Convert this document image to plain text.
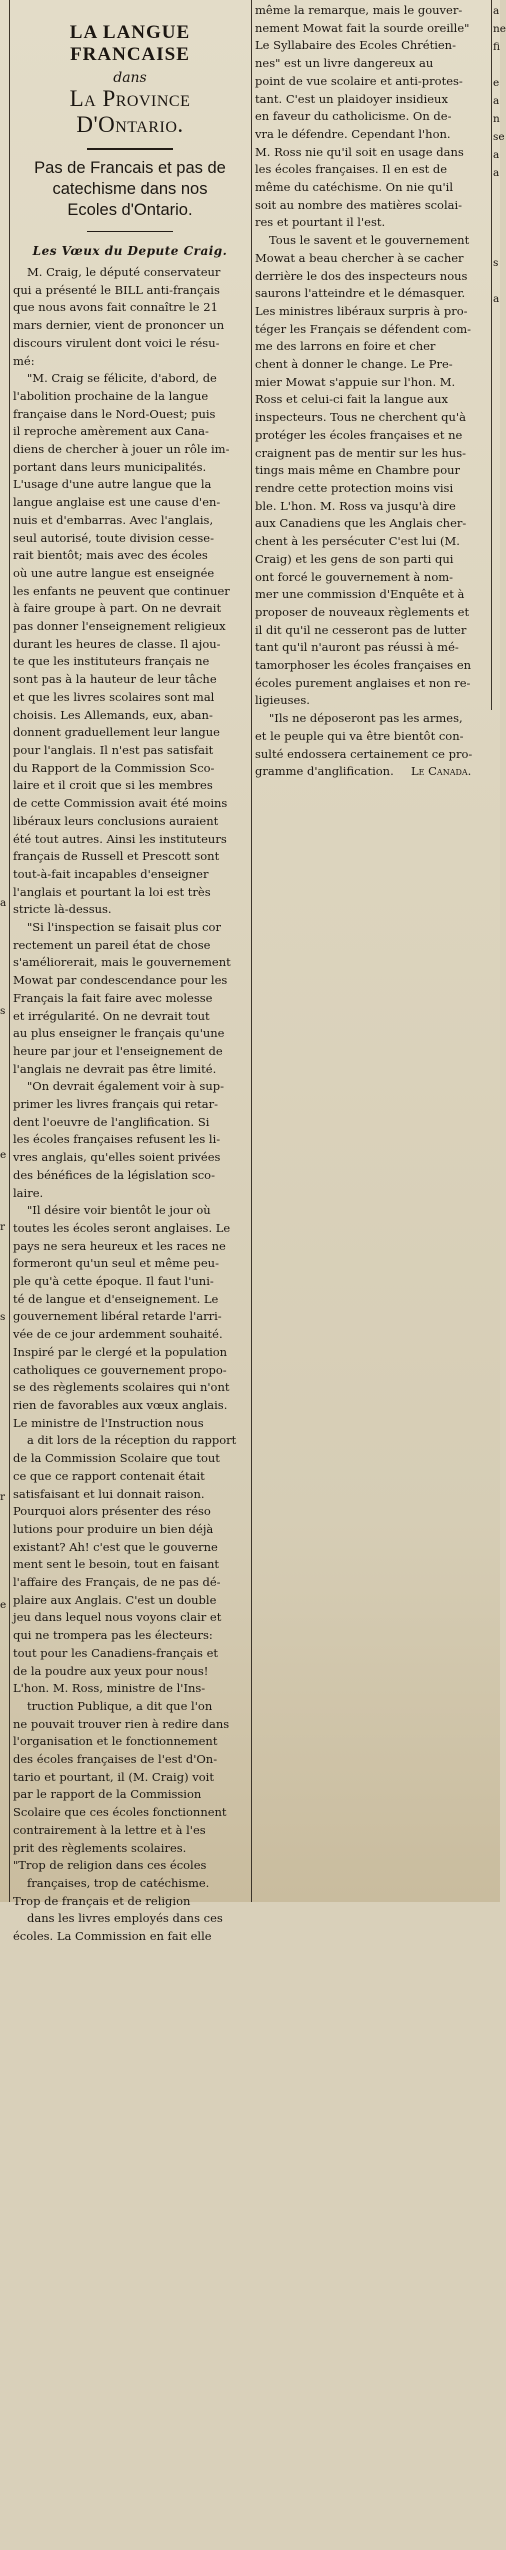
a
s
e
r
s
r
e
LA LANGUE FRANCAISE
dans
La Province D'Ontario.
Pas de Francais et pas de
catechisme dans nos
Ecoles d'Ontario.
Les Vœux du Depute Craig.
M. Craig, le député conservateur
qui a présenté le BILL anti-français
que nous avons fait connaître le 21
mars dernier, vient de prononcer un
discours virulent dont voici le résu-
mé:
"M. Craig se félicite, d'abord, de
l'abolition prochaine de la langue
française dans le Nord-Ouest; puis
il reproche amèrement aux Cana-
diens de chercher à jouer un rôle im-
portant dans leurs municipalités.
L'usage d'une autre langue que la
langue anglaise est une cause d'en-
nuis et d'embarras. Avec l'anglais,
seul autorisé, toute division cesse-
rait bientôt; mais avec des écoles
où une autre langue est enseignée
les enfants ne peuvent que continuer
à faire groupe à part. On ne devrait
pas donner l'enseignement religieux
durant les heures de classe. Il ajou-
te que les instituteurs français ne
sont pas à la hauteur de leur tâche
et que les livres scolaires sont mal
choisis. Les Allemands, eux, aban-
donnent graduellement leur langue
pour l'anglais. Il n'est pas satisfait
du Rapport de la Commission Sco-
laire et il croit que si les membres
de cette Commission avait été moins
libéraux leurs conclusions auraient
été tout autres. Ainsi les instituteurs
français de Russell et Prescott sont
tout-à-fait incapables d'enseigner
l'anglais et pourtant la loi est très
stricte là-dessus.
"Si l'inspection se faisait plus cor
rectement un pareil état de chose
s'améliorerait, mais le gouvernement
Mowat par condescendance pour les
Français la fait faire avec molesse
et irrégularité. On ne devrait tout
au plus enseigner le français qu'une
heure par jour et l'enseignement de
l'anglais ne devrait pas être limité.
"On devrait également voir à sup-
primer les livres français qui retar-
dent l'oeuvre de l'anglification. Si
les écoles françaises refusent les li-
vres anglais, qu'elles soient privées
des bénéfices de la législation sco-
laire.
"Il désire voir bientôt le jour où
toutes les écoles seront anglaises. Le
pays ne sera heureux et les races ne
formeront qu'un seul et même peu-
ple qu'à cette époque. Il faut l'uni-
té de langue et d'enseignement. Le
gouvernement libéral retarde l'arri-
vée de ce jour ardemment souhaité.
Inspiré par le clergé et la population
catholiques ce gouvernement propo-
se des règlements scolaires qui n'ont
rien de favorables aux vœux anglais.
Le ministre de l'Instruction nous
a dit lors de la réception du rapport
de la Commission Scolaire que tout
ce que ce rapport contenait était
satisfaisant et lui donnait raison.
Pourquoi alors présenter des réso
lutions pour produire un bien déjà
existant? Ah! c'est que le gouverne
ment sent le besoin, tout en faisant
l'affaire des Français, de ne pas dé-
plaire aux Anglais. C'est un double
jeu dans lequel nous voyons clair et
qui ne trompera pas les électeurs:
tout pour les Canadiens-français et
de la poudre aux yeux pour nous!
L'hon. M. Ross, ministre de l'Ins-
truction Publique, a dit que l'on
ne pouvait trouver rien à redire dans
l'organisation et le fonctionnement
des écoles françaises de l'est d'On-
tario et pourtant, il (M. Craig) voit
par le rapport de la Commission
Scolaire que ces écoles fonctionnent
contrairement à la lettre et à l'es
prit des règlements scolaires.
"Trop de religion dans ces écoles
françaises, trop de catéchisme.
Trop de français et de religion
dans les livres employés dans ces
écoles. La Commission en fait elle
même la remarque, mais le gouver-
nement Mowat fait la sourde oreille"
Le Syllabaire des Ecoles Chrétien-
nes" est un livre dangereux au
point de vue scolaire et anti-protes-
tant. C'est un plaidoyer insidieux
en faveur du catholicisme. On de-
vra le défendre. Cependant l'hon.
M. Ross nie qu'il soit en usage dans
les écoles françaises. Il en est de
même du catéchisme. On nie qu'il
soit au nombre des matières scolai-
res et pourtant il l'est.
Tous le savent et le gouvernement
Mowat a beau chercher à se cacher
derrière le dos des inspecteurs nous
saurons l'atteindre et le démasquer.
Les ministres libéraux surpris à pro-
téger les Français se défendent com-
me des larrons en foire et cher
chent à donner le change. Le Pre-
mier Mowat s'appuie sur l'hon. M.
Ross et celui-ci fait la langue aux
inspecteurs. Tous ne cherchent qu'à
protéger les écoles françaises et ne
craignent pas de mentir sur les hus-
tings mais même en Chambre pour
rendre cette protection moins visi
ble. L'hon. M. Ross va jusqu'à dire
aux Canadiens que les Anglais cher-
chent à les persécuter C'est lui (M.
Craig) et les gens de son parti qui
ont forcé le gouvernement à nom-
mer une commission d'Enquête et à
proposer de nouveaux règlements et
il dit qu'il ne cesseront pas de lutter
tant qu'il n'auront pas réussi à mé-
tamorphoser les écoles françaises en
écoles purement anglaises et non re-
ligieuses.
"Ils ne déposeront pas les armes,
et le peuple qui va être bientôt con-
sulté endossera certainement ce pro-
gramme d'anglification.	Le Canada.
a
ne
fi
e
a
n
se
a
a
s
a
